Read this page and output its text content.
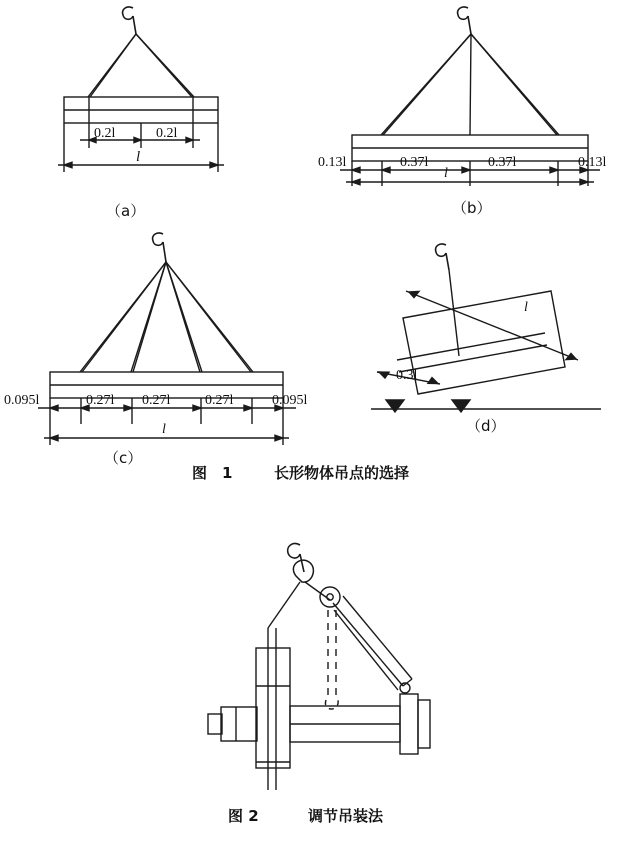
0.2l	0.2l
l
（a）
0.13l	0.37l	0.37l	0.13l
l
（b）
0.095l	0.27l 0.27l 0.27l	0.095l
l
（c）
l
0.3l
（d）
图　1	长形物体吊点的选择
图 2	调节吊装法
